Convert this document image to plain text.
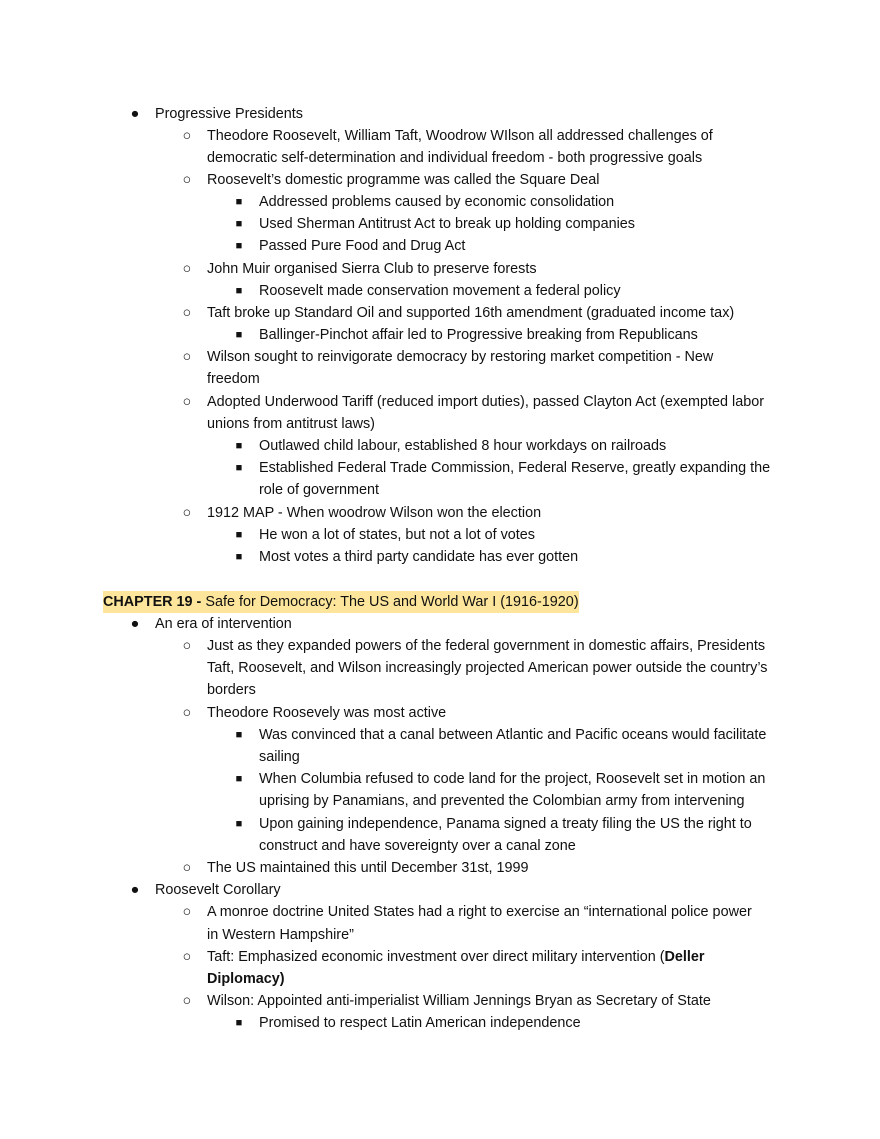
● Progressive Presidents
○ Theodore Roosevelt, William Taft, Woodrow WIlson all addressed challenges of
democratic self-determination and individual freedom - both progressive goals
○ Roosevelt’s domestic programme was called the Square Deal
■ Addressed problems caused by economic consolidation
■ Used Sherman Antitrust Act to break up holding companies
■ Passed Pure Food and Drug Act
○ John Muir organised Sierra Club to preserve forests
■ Roosevelt made conservation movement a federal policy
○ Taft broke up Standard Oil and supported 16th amendment (graduated income tax)
■ Ballinger-Pinchot affair led to Progressive breaking from Republicans
○ Wilson sought to reinvigorate democracy by restoring market competition - New
freedom
○ Adopted Underwood Tariff (reduced import duties), passed Clayton Act (exempted labor
unions from antitrust laws)
■ Outlawed child labour, established 8 hour workdays on railroads
■ Established Federal Trade Commission, Federal Reserve, greatly expanding the
role of government
○ 1912 MAP - When woodrow Wilson won the election
■ He won a lot of states, but not a lot of votes
■ Most votes a third party candidate has ever gotten
CHAPTER 19 - Safe for Democracy: The US and World War I (1916-1920)
● An era of intervention
○ Just as they expanded powers of the federal government in domestic affairs, Presidents
Taft, Roosevelt, and Wilson increasingly projected American power outside the country’s
borders
○ Theodore Roosevely was most active
■ Was convinced that a canal between Atlantic and Pacific oceans would facilitate
sailing
■ When Columbia refused to code land for the project, Roosevelt set in motion an
uprising by Panamians, and prevented the Colombian army from intervening
■ Upon gaining independence, Panama signed a treaty filing the US the right to
construct and have sovereignty over a canal zone
○ The US maintained this until December 31st, 1999
● Roosevelt Corollary
○ A monroe doctrine United States had a right to exercise an “international police power
in Western Hampshire”
○ Taft: Emphasized economic investment over direct military intervention (Deller
Diplomacy)
○ Wilson: Appointed anti-imperialist William Jennings Bryan as Secretary of State
■ Promised to respect Latin American independence
